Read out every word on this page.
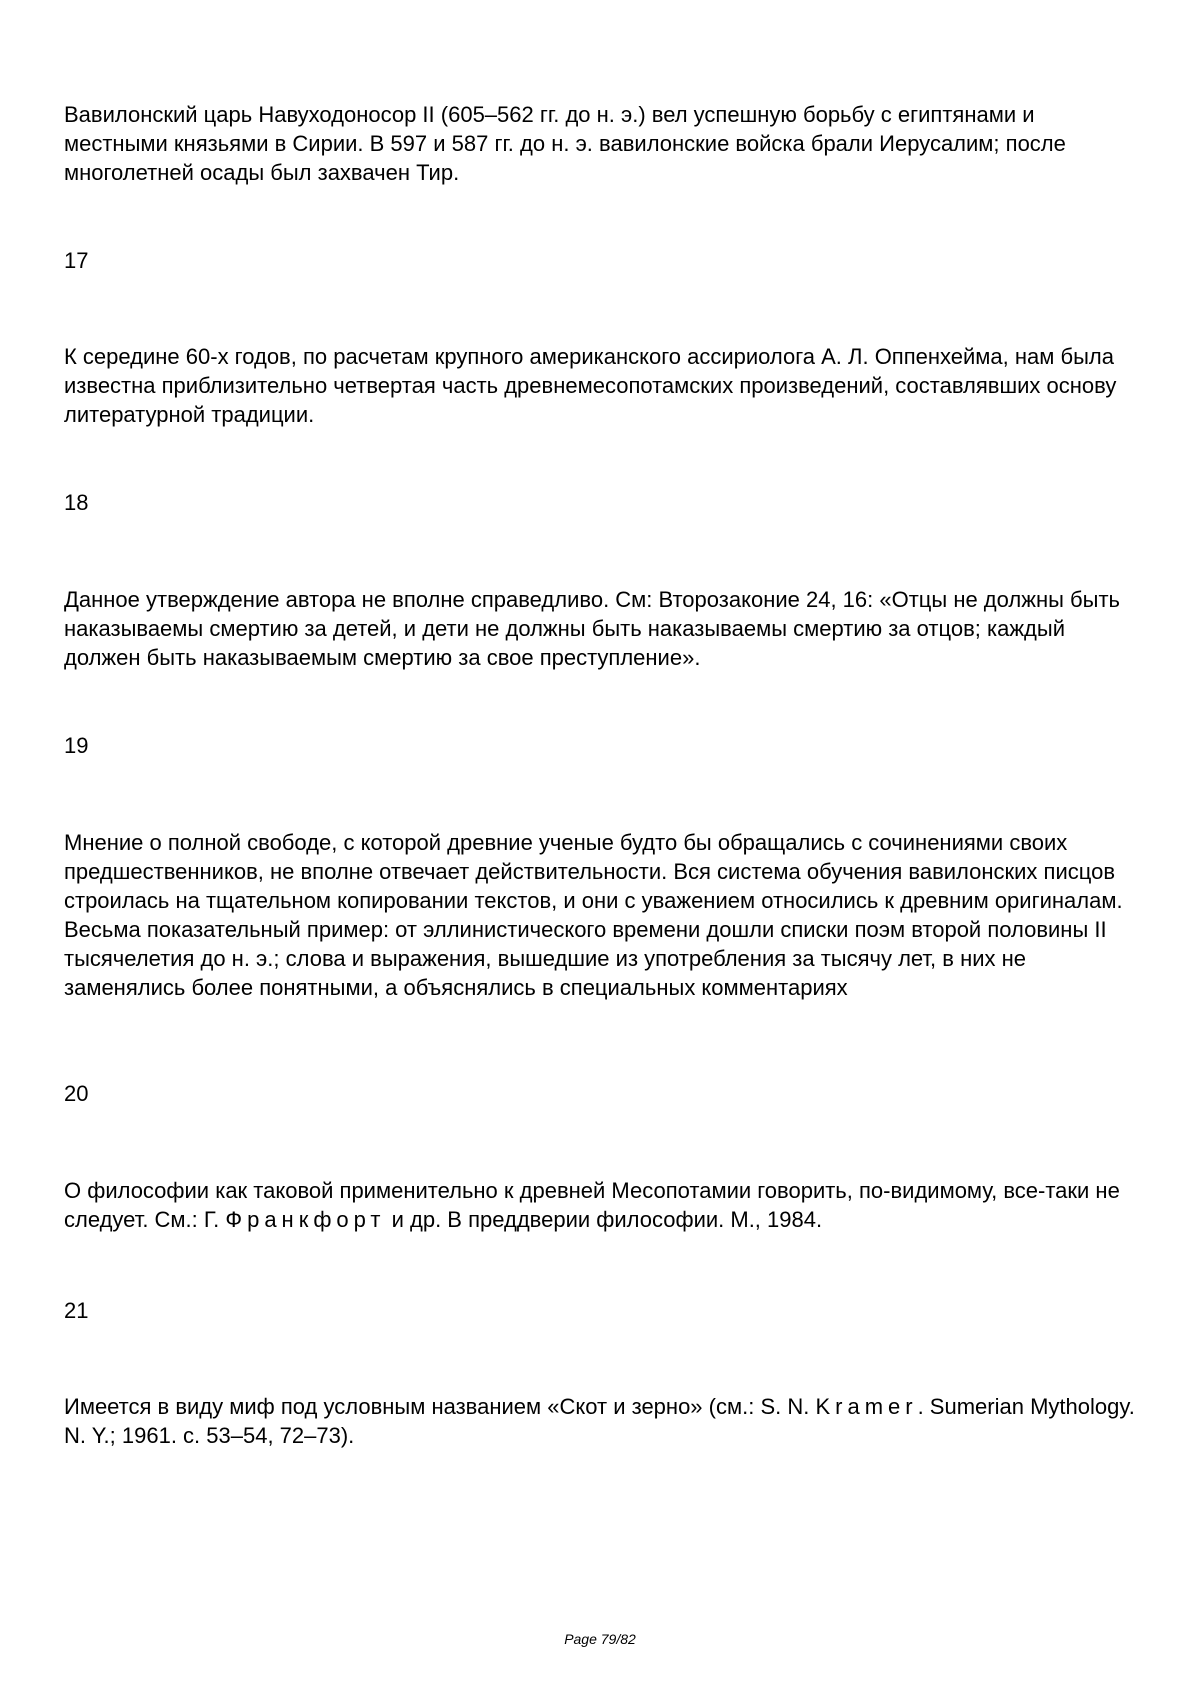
Вавилонский царь Навуходоносор II (605–562 гг. до н. э.) вел успешную борьбу с египтянами и местными князьями в Сирии. В 597 и 587 гг. до н. э. вавилонские войска брали Иерусалим; после многолетней осады был захвачен Тир.

17

К середине 60-х годов, по расчетам крупного американского ассириолога А. Л. Оппенхейма, нам была известна приблизительно четвертая часть древнемесопотамских произведений, составлявших основу литературной традиции.

18

Данное утверждение автора не вполне справедливо. См: Второзаконие 24, 16: «Отцы не должны быть наказываемы смертию за детей, и дети не должны быть наказываемы смертию за отцов; каждый должен быть наказываемым смертию за свое преступление».

19

Мнение о полной свободе, с которой древние ученые будто бы обращались с сочинениями своих предшественников, не вполне отвечает действительности. Вся система обучения вавилонских писцов строилась на тщательном копировании текстов, и они с уважением относились к древним оригиналам. Весьма показательный пример: от эллинистического времени дошли списки поэм второй половины II тысячелетия до н. э.; слова и выражения, вышедшие из употребления за тысячу лет, в них не заменялись более понятными, а объяснялись в специальных комментариях

20

О философии как таковой применительно к древней Месопотамии говорить, по-видимому, все-таки не следует. См.: Г. Франкфорт и др. В преддверии философии. М., 1984.

21

Имеется в виду миф под условным названием «Скот и зерно» (см.: S. N. Kramer. Sumerian Mythology. N. Y.; 1961. с. 53–54, 72–73).

Page 79/82
